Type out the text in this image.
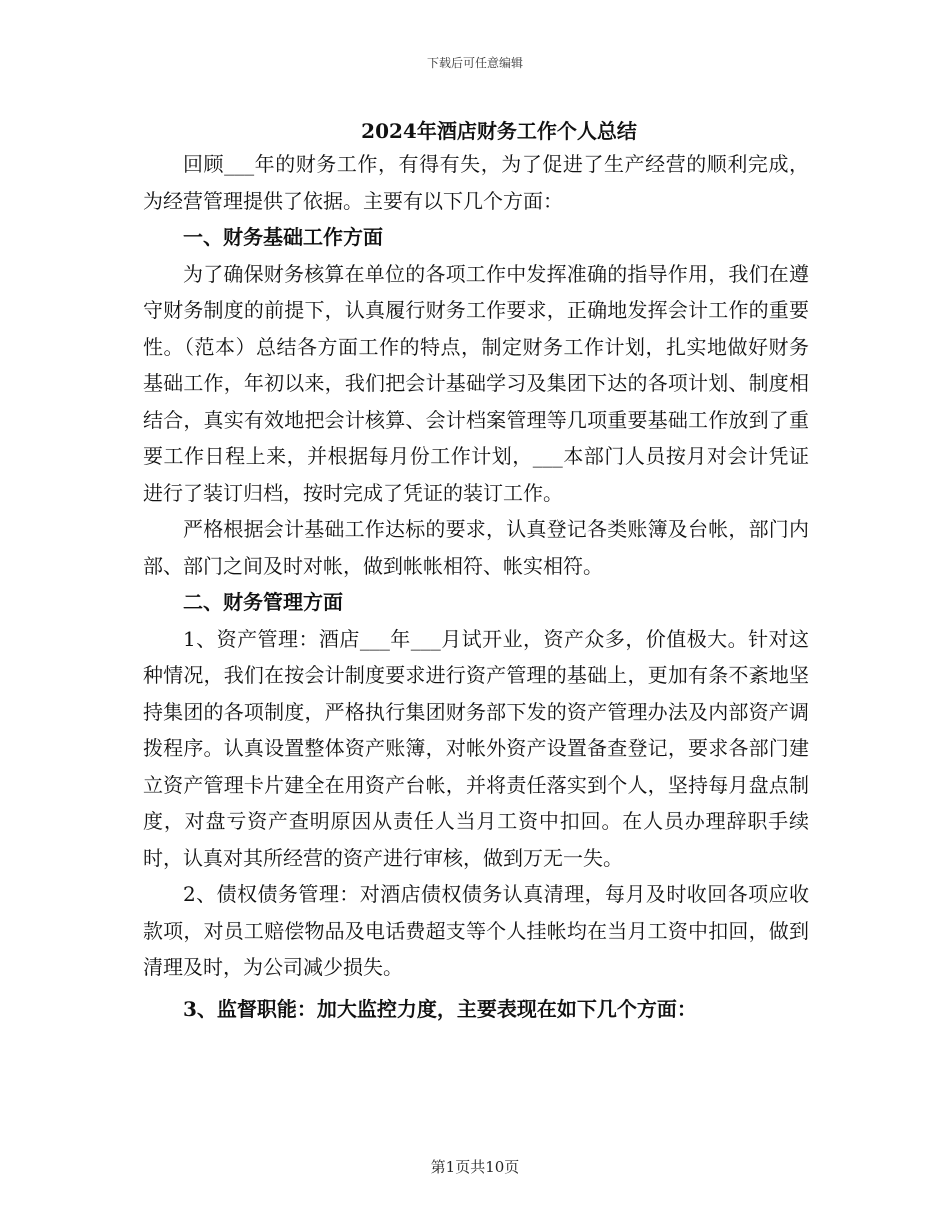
下载后可任意编辑
2024年酒店财务工作个人总结

回顾___年的财务工作，有得有失，为了促进了生产经营的顺利完成，为经营管理提供了依据。主要有以下几个方面：

一、财务基础工作方面

为了确保财务核算在单位的各项工作中发挥准确的指导作用，我们在遵守财务制度的前提下，认真履行财务工作要求，正确地发挥会计工作的重要性。（范本）总结各方面工作的特点，制定财务工作计划，扎实地做好财务基础工作，年初以来，我们把会计基础学习及集团下达的各项计划、制度相结合，真实有效地把会计核算、会计档案管理等几项重要基础工作放到了重要工作日程上来，并根据每月份工作计划，___本部门人员按月对会计凭证进行了装订归档，按时完成了凭证的装订工作。

严格根据会计基础工作达标的要求，认真登记各类账簿及台帐，部门内部、部门之间及时对帐，做到帐帐相符、帐实相符。

二、财务管理方面

1、资产管理：酒店___年___月试开业，资产众多，价值极大。针对这种情况，我们在按会计制度要求进行资产管理的基础上，更加有条不紊地坚持集团的各项制度，严格执行集团财务部下发的资产管理办法及内部资产调拨程序。认真设置整体资产账簿，对帐外资产设置备查登记，要求各部门建立资产管理卡片建全在用资产台帐，并将责任落实到个人，坚持每月盘点制度，对盘亏资产查明原因从责任人当月工资中扣回。在人员办理辞职手续时，认真对其所经营的资产进行审核，做到万无一失。

2、债权债务管理：对酒店债权债务认真清理，每月及时收回各项应收款项，对员工赔偿物品及电话费超支等个人挂帐均在当月工资中扣回，做到清理及时，为公司减少损失。

3、监督职能：加大监控力度，主要表现在如下几个方面：

第1页共10页
